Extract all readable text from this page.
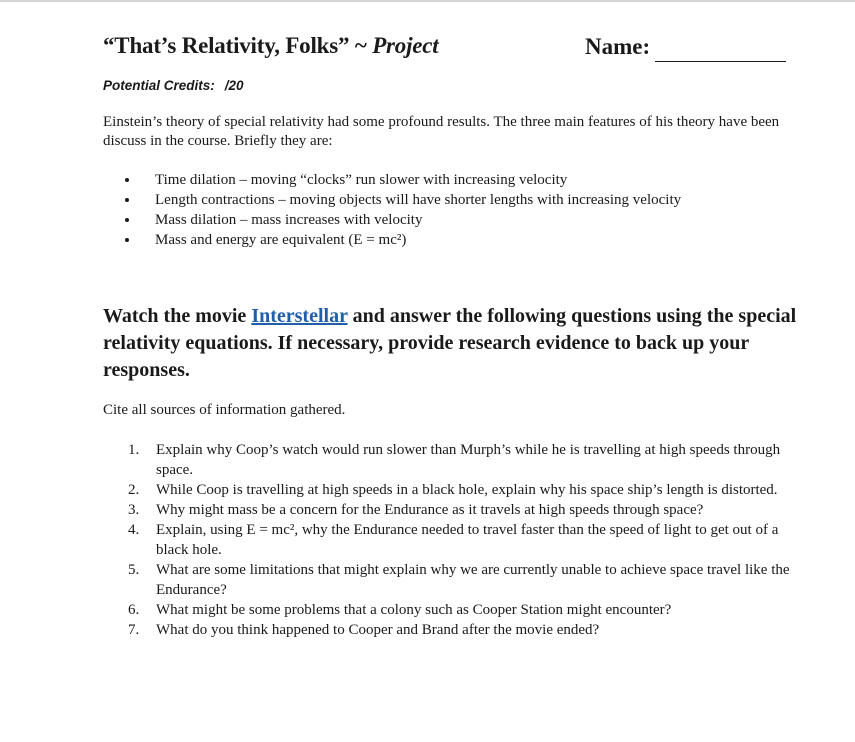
“That’s Relativity, Folks” ~ Project	Name:
Potential Credits: /20
Einstein’s theory of special relativity had some profound results. The three main features of his theory have been discuss in the course. Briefly they are:
Time dilation – moving “clocks” run slower with increasing velocity
Length contractions – moving objects will have shorter lengths with increasing velocity
Mass dilation – mass increases with velocity
Mass and energy are equivalent (E = mc²)
Watch the movie Interstellar and answer the following questions using the special relativity equations. If necessary, provide research evidence to back up your responses.
Cite all sources of information gathered.
1. Explain why Coop’s watch would run slower than Murph’s while he is travelling at high speeds through space.
2. While Coop is travelling at high speeds in a black hole, explain why his space ship’s length is distorted.
3. Why might mass be a concern for the Endurance as it travels at high speeds through space?
4. Explain, using E = mc², why the Endurance needed to travel faster than the speed of light to get out of a black hole.
5. What are some limitations that might explain why we are currently unable to achieve space travel like the Endurance?
6. What might be some problems that a colony such as Cooper Station might encounter?
7. What do you think happened to Cooper and Brand after the movie ended?
